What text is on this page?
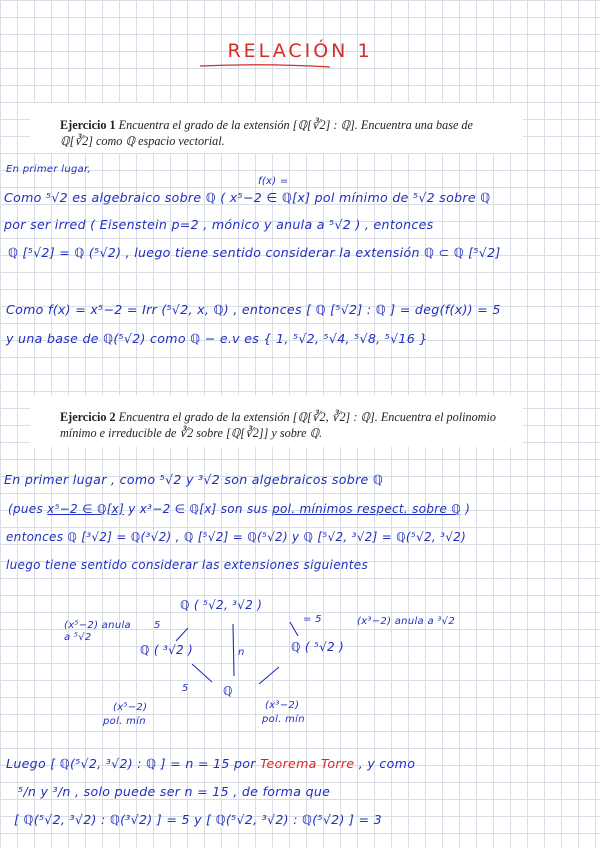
RELACIÓN 1
Ejercicio 1 Encuentra el grado de la extensión [ℚ[∛2] : ℚ]. Encuentra una base de ℚ[∛2] como ℚ espacio vectorial.
En primer lugar,
f(x) =
Como ⁵√2 es algebraico sobre ℚ ( x⁵−2 ∈ ℚ[x] pol mínimo de ⁵√2 sobre ℚ
por ser irred ( Eisenstein p=2 , mónico y anula a ⁵√2 ) , entonces
ℚ [⁵√2] = ℚ (⁵√2) , luego tiene sentido considerar la extensión ℚ ⊂ ℚ [⁵√2]
Como f(x) = x⁵−2 = Irr (⁵√2, x, ℚ) , entonces [ ℚ [⁵√2] : ℚ ] = deg(f(x)) = 5
y una base de ℚ(⁵√2) como ℚ − e.v es { 1, ⁵√2, ⁵√4, ⁵√8, ⁵√16 }
Ejercicio 2 Encuentra el grado de la extensión [ℚ[∛2, ∛2] : ℚ]. Encuentra el polinomio mínimo e irreducible de ∛2 sobre [ℚ[∛2]] y sobre ℚ.
En primer lugar , como ⁵√2 y ³√2 son algebraicos sobre ℚ
(pues x⁵−2 ∈ ℚ[x] y x³−2 ∈ ℚ[x] son sus pol. mínimos respect. sobre ℚ )
entonces ℚ [³√2] = ℚ(³√2) , ℚ [⁵√2] = ℚ(⁵√2) y ℚ [⁵√2, ³√2] = ℚ(⁵√2, ³√2)
luego tiene sentido considerar las extensiones siguientes
ℚ ( ⁵√2, ³√2 )
ℚ ( ³√2 )	ℚ ( ⁵√2 )
ℚ
n
5
5
= 5
(x⁵−2) anula
a ⁵√2
(x³−2) anula a ³√2
(x⁵−2)
pol. mín
(x³−2)
pol. mín
Luego [ ℚ(⁵√2, ³√2) : ℚ ] = n = 15 por Teorema Torre , y como
⁵/n y ³/n , solo puede ser n = 15 , de forma que
[ ℚ(⁵√2, ³√2) : ℚ(³√2) ] = 5 y [ ℚ(⁵√2, ³√2) : ℚ(⁵√2) ] = 3
